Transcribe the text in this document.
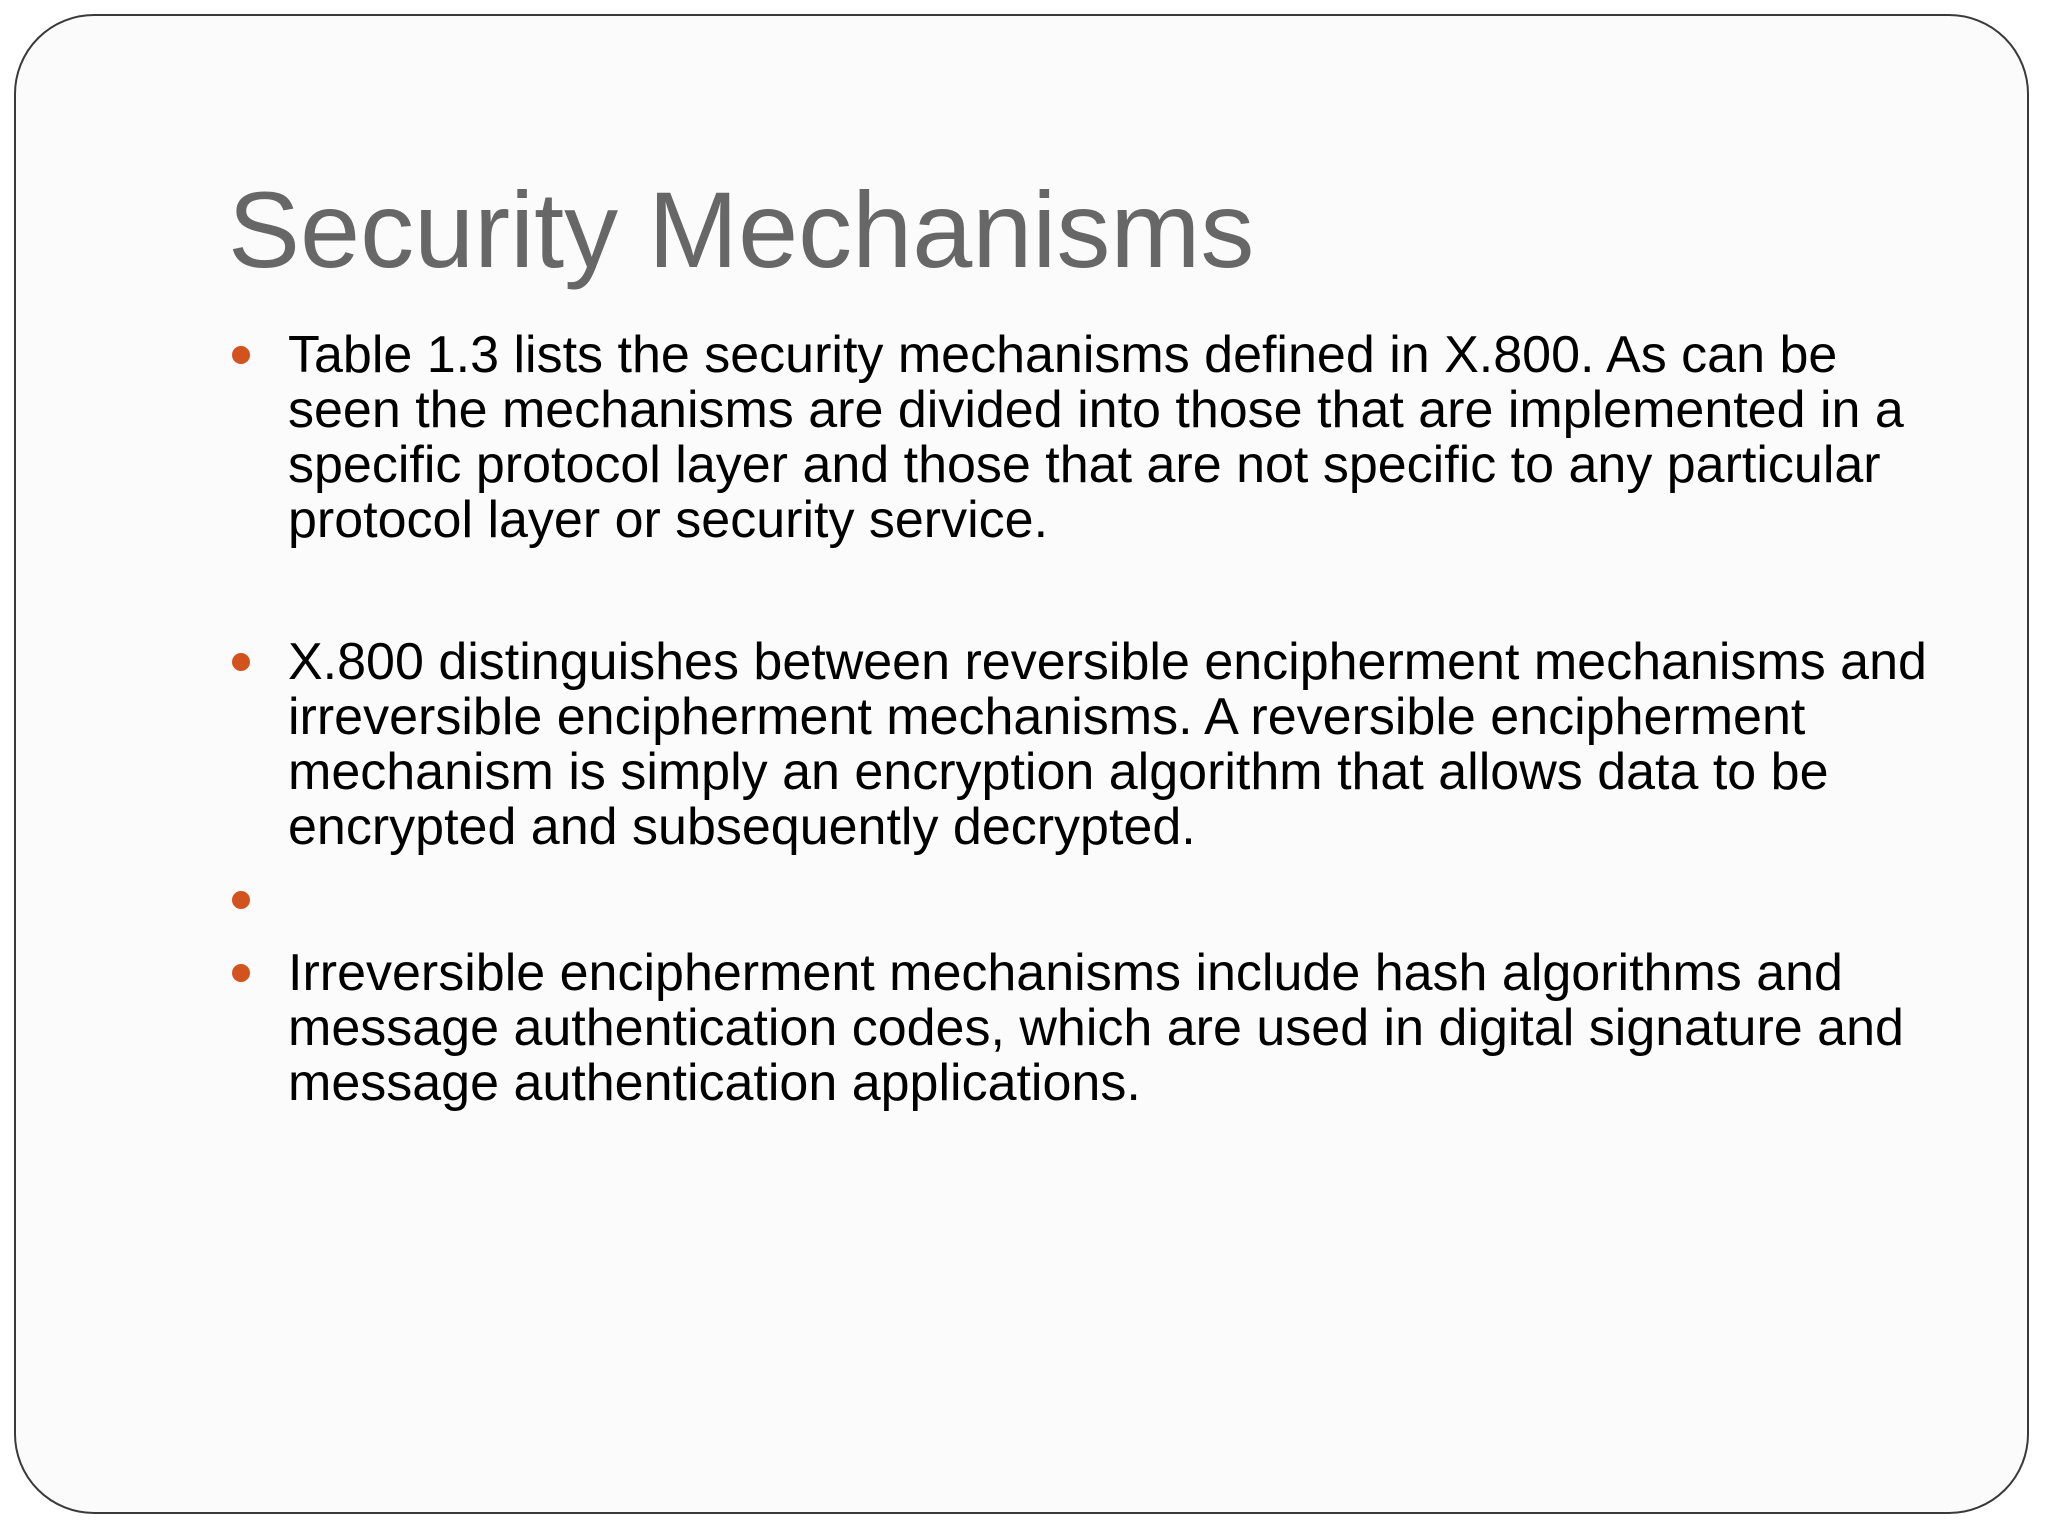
Security Mechanisms
Table 1.3 lists the security mechanisms defined in X.800. As can be seen the mechanisms are divided into those that are implemented in a specific protocol layer and those that are not specific to any particular protocol layer or security service.
X.800 distinguishes between reversible encipherment mechanisms and irreversible encipherment mechanisms. A reversible encipherment mechanism is simply an encryption algorithm that allows data to be encrypted and subsequently decrypted.
Irreversible encipherment mechanisms include hash algorithms and message authentication codes, which are used in digital signature and message authentication applications.
